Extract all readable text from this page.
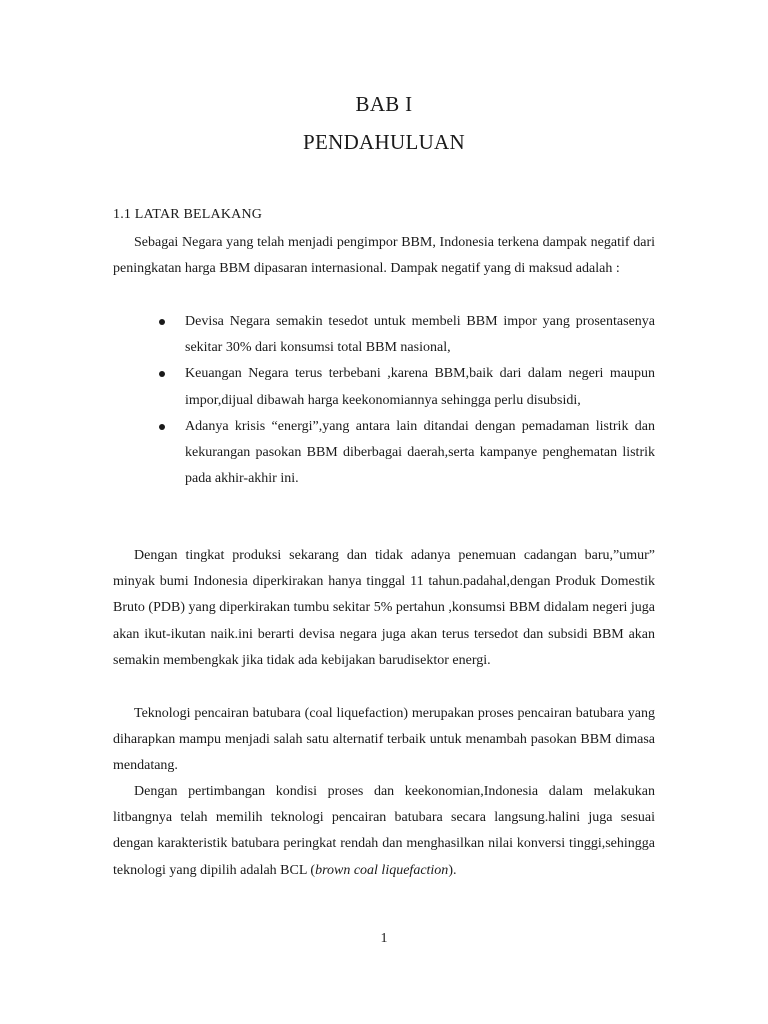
BAB I
PENDAHULUAN
1.1 LATAR BELAKANG

Sebagai Negara yang telah menjadi pengimpor BBM, Indonesia terkena dampak negatif dari peningkatan harga BBM dipasaran internasional. Dampak negatif yang di maksud adalah :

Devisa Negara semakin tesedot untuk membeli BBM impor yang prosentasenya sekitar 30% dari konsumsi total BBM nasional,
Keuangan Negara terus terbebani ,karena BBM,baik dari dalam negeri maupun impor,dijual dibawah harga keekonomiannya sehingga perlu disubsidi,
Adanya krisis “energi”,yang antara lain ditandai dengan pemadaman listrik dan kekurangan pasokan BBM diberbagai daerah,serta kampanye penghematan listrik pada akhir-akhir ini.

Dengan tingkat produksi sekarang dan tidak adanya penemuan cadangan baru,”umur” minyak bumi Indonesia diperkirakan hanya tinggal 11 tahun.padahal,dengan Produk Domestik Bruto (PDB) yang diperkirakan tumbu sekitar 5% pertahun ,konsumsi BBM didalam negeri juga akan ikut-ikutan naik.ini berarti devisa negara juga akan terus tersedot dan subsidi BBM akan semakin membengkak jika tidak ada kebijakan barudisektor energi.

Teknologi pencairan batubara (coal liquefaction) merupakan proses pencairan batubara yang diharapkan mampu menjadi salah satu alternatif terbaik untuk menambah pasokan BBM dimasa mendatang.

Dengan pertimbangan kondisi proses dan keekonomian,Indonesia dalam melakukan litbangnya telah memilih teknologi pencairan batubara secara langsung.halini juga sesuai dengan karakteristik batubara peringkat rendah dan menghasilkan nilai konversi tinggi,sehingga teknologi yang dipilih adalah BCL (brown coal liquefaction).

1
